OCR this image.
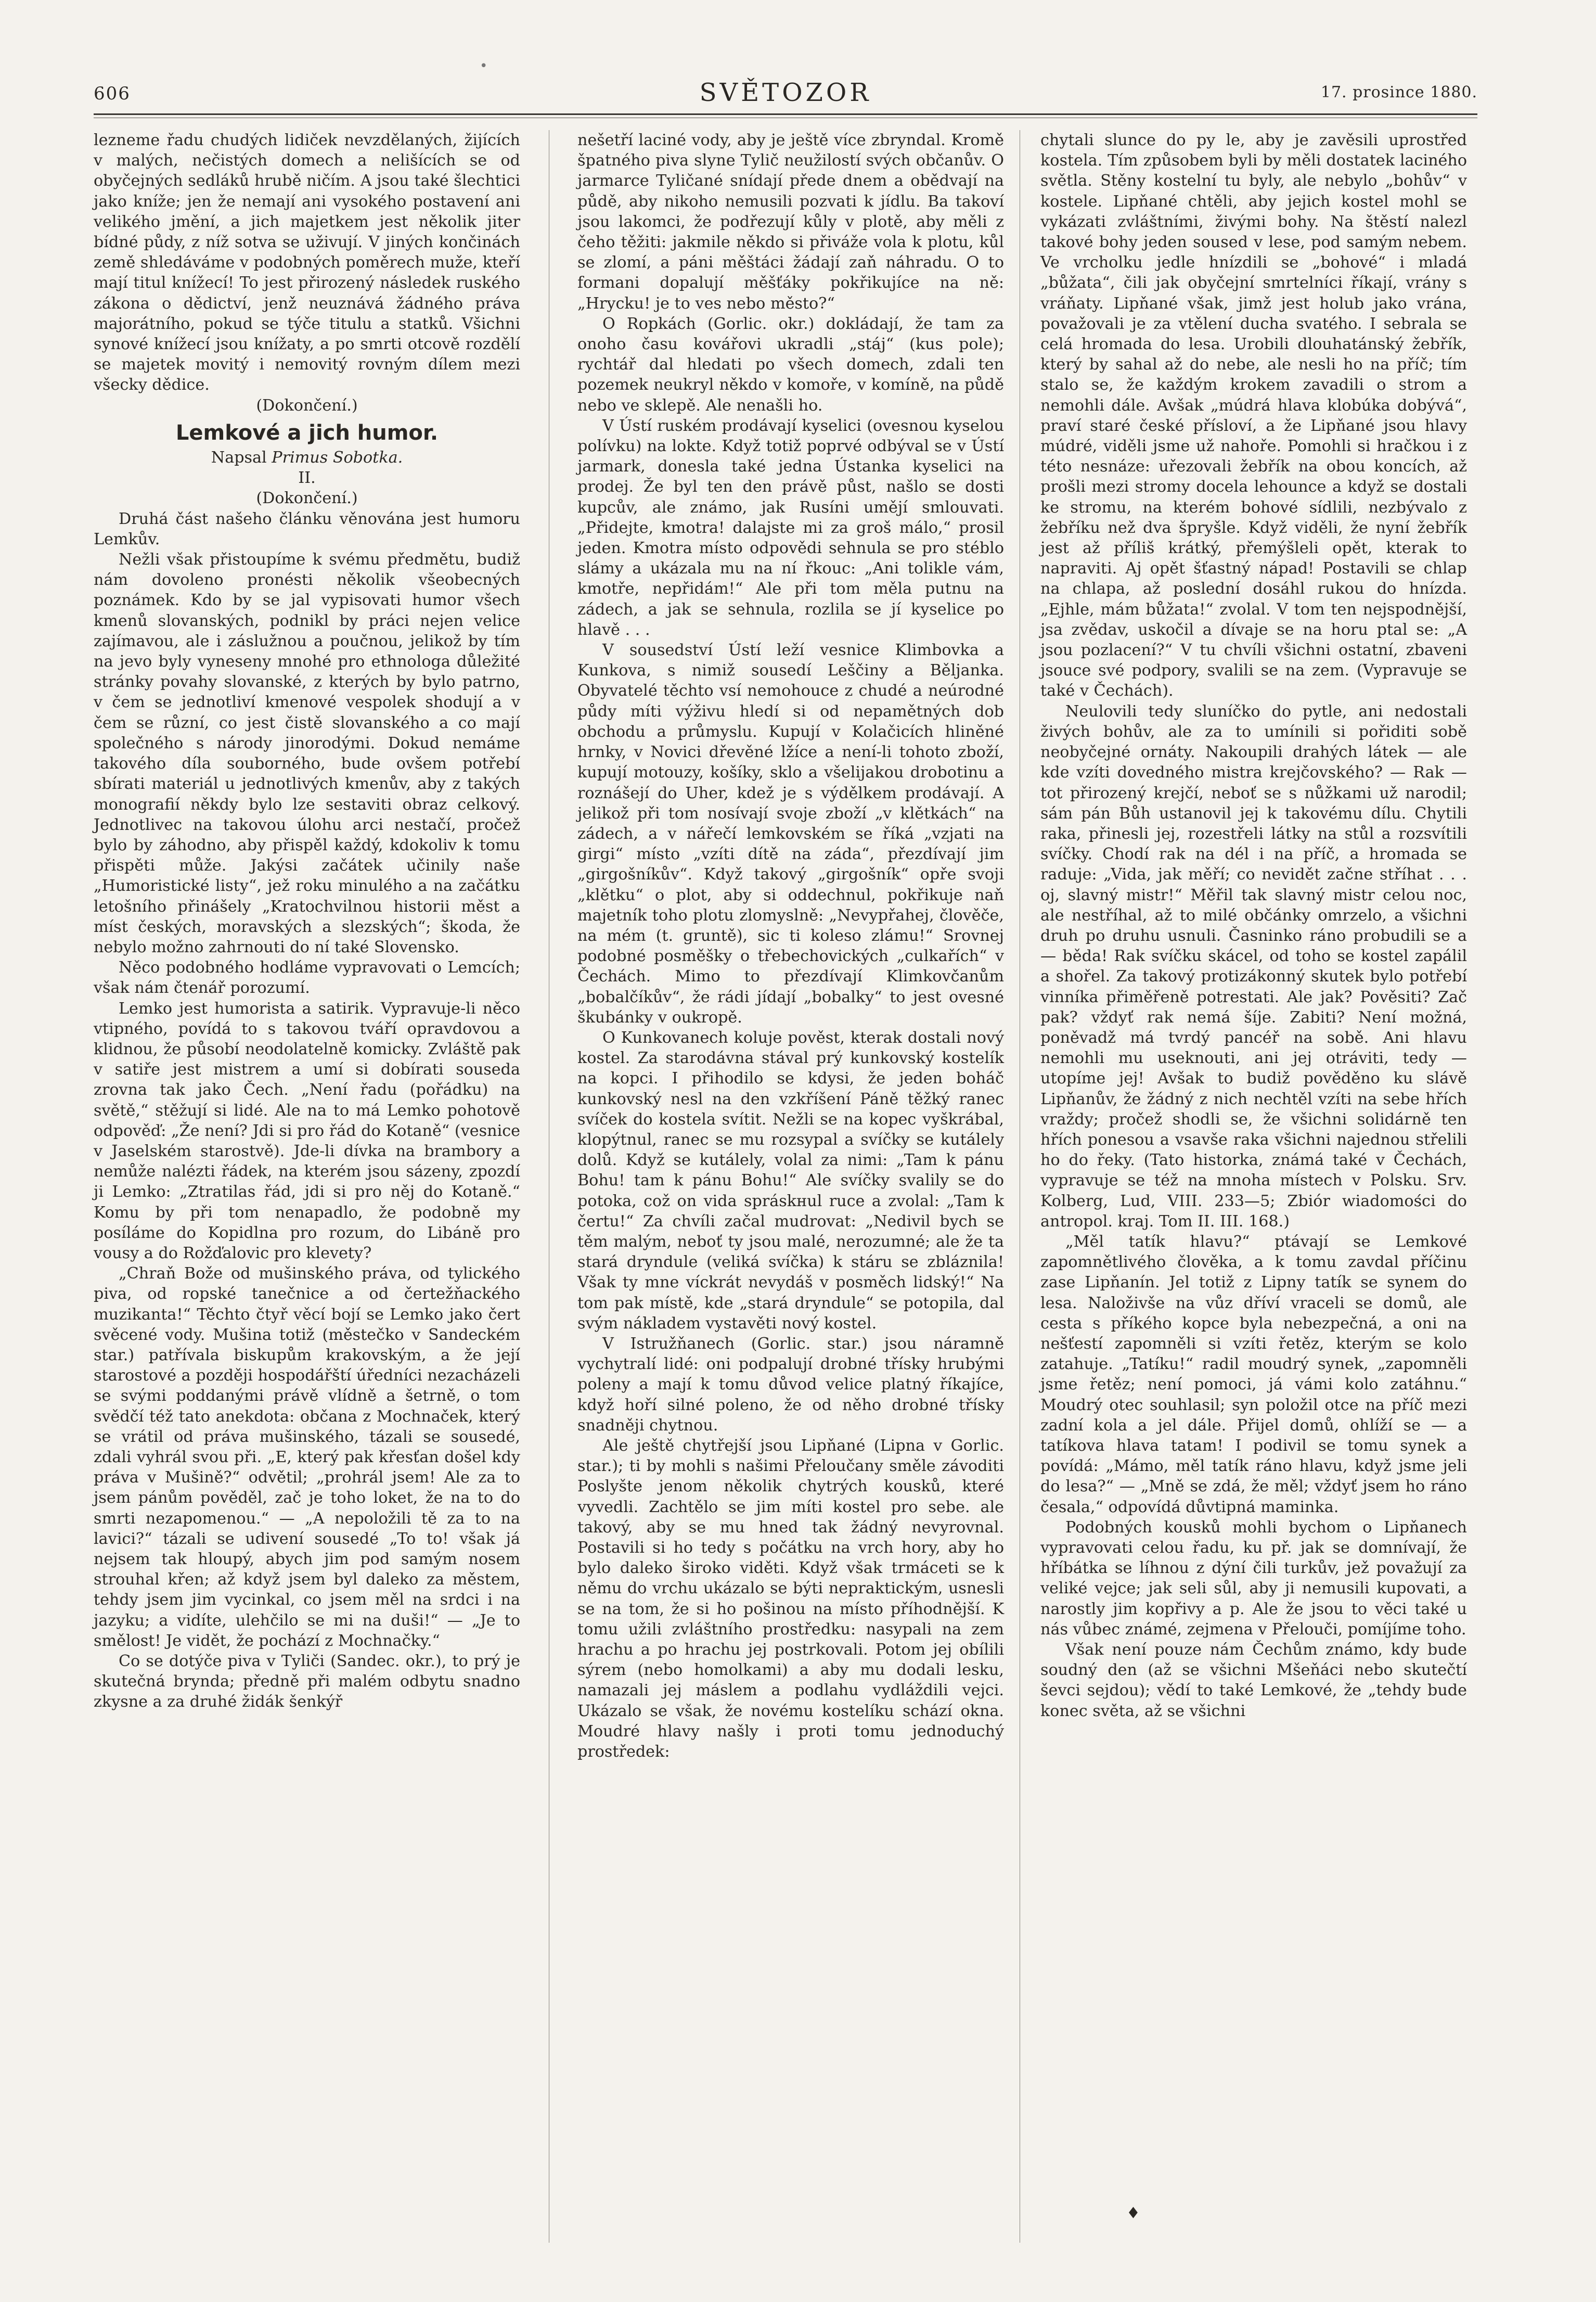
•
606	SVĚTOZOR	17. prosince 1880.

lezneme řadu chudých lidiček nevzdělaných, žijících v malých, nečistých domech a nelišících se od obyčejných sedláků hrubě ničím. A jsou také šlechtici jako kníže; jen že nemají ani vysokého postavení ani velikého jmění, a jich majetkem jest několik jiter bídné půdy, z níž sotva se uživují. V jiných končinách země shledáváme v podobných poměrech muže, kteří mají titul knížecí! To jest přirozený následek ruského zákona o dědictví, jenž neuznává žádného práva majorátního, pokud se týče titulu a statků. Všichni synové knížecí jsou knížaty, a po smrti otcově rozdělí se majetek movitý i nemovitý rovným dílem mezi všecky dědice.

(Dokončení.)

Lemkové a jich humor.

Napsal Primus Sobotka.

II.

(Dokončení.)

Druhá část našeho článku věnována jest humoru Lemkův.

Nežli však přistoupíme k svému předmětu, budiž nám dovoleno pronésti několik všeobecných poznámek. Kdo by se jal vypisovati humor všech kmenů slovanských, podnikl by práci nejen velice zajímavou, ale i záslužnou a poučnou, jelikož by tím na jevo byly vyneseny mnohé pro ethnologa důležité stránky povahy slovanské, z kterých by bylo patrno, v čem se jednotliví kmenové vespolek shodují a v čem se různí, co jest čistě slovanského a co mají společného s národy jinorodými. Dokud nemáme takového díla souborného, bude ovšem potřebí sbírati materiál u jednotlivých kmenův, aby z takých monografií někdy bylo lze sestaviti obraz celkový. Jednotlivec na takovou úlohu arci nestačí, pročež bylo by záhodno, aby přispěl každý, kdokoliv k tomu přispěti může. Jakýsi začátek učinily naše „Humoristické listy“, jež roku minulého a na začátku letošního přinášely „Kratochvilnou historii měst a míst českých, moravských a slezských“; škoda, že nebylo možno zahrnouti do ní také Slovensko.

Něco podobného hodláme vypravovati o Lemcích; však nám čtenář porozumí.

Lemko jest humorista a satirik. Vypravuje-li něco vtipného, povídá to s takovou tváří opravdovou a klidnou, že působí neodolatelně komicky. Zvláště pak v satiře jest mistrem a umí si dobírati souseda zrovna tak jako Čech. „Není řadu (pořádku) na světě,“ stěžují si lidé. Ale na to má Lemko pohotově odpověď: „Že není? Jdi si pro řád do Kotaně“ (vesnice v Jaselském starostvě). Jde-li dívka na brambory a nemůže nalézti řádek, na kterém jsou sázeny, zpozdí ji Lemko: „Ztratilas řád, jdi si pro něj do Kotaně.“ Komu by při tom nenapadlo, že podobně my posíláme do Kopidlna pro rozum, do Libáně pro vousy a do Rožďalovic pro klevety?

„Chraň Bože od mušinského práva, od tylického piva, od ropské tanečnice a od čertežňackého muzikanta!“ Těchto čtyř věcí bojí se Lemko jako čert svěcené vody. Mušina totiž (městečko v Sandeckém star.) patřívala biskupům krakovským, a že její starostové a později hospodářští úředníci nezacházeli se svými poddanými právě vlídně a šetrně, o tom svědčí též tato anekdota: občana z Mochnaček, který se vrátil od práva mušinského, tázali se sousedé, zdali vyhrál svou při. „E, který pak křesťan došel kdy práva v Mušině?“ odvětil; „prohrál jsem! Ale za to jsem pánům pověděl, zač je toho loket, že na to do smrti nezapomenou.“ — „A nepoložili tě za to na lavici?“ tázali se udivení sousedé „To to! však já nejsem tak hloupý, abych jim pod samým nosem strouhal křen; až když jsem byl daleko za městem, tehdy jsem jim vycinkal, co jsem měl na srdci i na jazyku; a vidíte, ulehčilo se mi na duši!“ — „Je to smělost! Je vidět, že pochází z Mochnačky.“

Co se dotýče piva v Tyliči (Sandec. okr.), to prý je skutečná bryndа; předně při malém odbytu snadno zkysne a za druhé židák šenkýř

nešetří laciné vody, aby je ještě více zbryndal. Kromě špatného piva slyne Tylič neužilostí svých občanův. O jarmarce Tyličané snídají přede dnem a obědvají na půdě, aby nikoho nemusili pozvati k jídlu. Ba takoví jsou lakomci, že podřezují kůly v plotě, aby měli z čeho těžiti: jakmile někdo si přiváže vola k plotu, kůl se zlomí, a páni měštáci žádají zaň náhradu. O to formani dopalují měšťáky pokřikujíce na ně: „Hrycku! je to ves nebo město?“

O Ropkách (Gorlic. okr.) dokládají, že tam za onoho času kovářovi ukradli „stáj“ (kus pole); rychtář dal hledati po všech domech, zdali ten pozemek neukryl někdo v komoře, v komíně, na půdě nebo ve sklepě. Ale nenašli ho.

V Ústí ruském prodávají kyselici (ovesnou kyselou polívku) na lokte. Když totiž poprvé odbýval se v Ústí jarmark, donesla také jedna Ústanka kyselici na prodej. Že byl ten den právě půst, našlo se dosti kupcův, ale známo, jak Rusíni umějí smlouvati. „Přidejte, kmotra! dalajste mi za groš málo,“ prosil jeden. Kmotra místo odpovědi sehnula se pro stéblo slámy a ukázala mu na ní řkouc: „Ani toliklе vám, kmotře, nepřidám!“ Ale při tom měla putnu na zádech, a jak se sehnula, rozlila se jí kyselice po hlavě . . .

V sousedství Ústí leží vesnice Klimbovka a Kunkova, s nimiž sousedí Leščiny a Bělјanka. Obyvatelé těchto vsí nemohouce z chudé a neúrodné půdy míti výživu hledí si od nepamětných dob obchodu a průmyslu. Kupují v Kolačicích hliněné hrnky, v Novici dřevěné lžíce a není-li tohoto zboží, kupují motouzy, košíky, sklo a všelijakou drobotinu a roznášejí do Uher, kdež je s výdělkem prodávají. A jelikož při tom nosívají svoje zboží „v klětkách“ na zádech, a v nářečí lemkovském se říká „vzjati na girgi“ místo „vzíti dítě na záda“, přezdívají jim „girgošníkův“. Když takový „girgošník“ opře svoji „klětku“ o plot, aby si oddechnul, pokřikuje naň majetník toho plotu zlomyslně: „Nevypřahej, člověče, na mém (t. gruntě), sic ti koleso zlámu!“ Srovnej podobné posměšky o třebechovických „culkařích“ v Čechách. Mimo to přezdívají Klimkovčanům „bobalčíkův“, že rádi jídají „bobalky“ to jest ovesné škubánky v oukropě.

O Kunkovanech koluje pověst, kterak dostali nový kostel. Za starodávna stával prý kunkovský kostelík na kopci. I přihodilo se kdysi, že jeden boháč kunkovský nesl na den vzkříšení Páně těžký raneс svíček do kostela svítit. Nežli se na kopec vyškrábal, klopýtnul, raneс se mu rozsypal a svíčky se kutálely dolů. Když se kutálely, volal za nimi: „Tam k pánu Bohu! tam k pánu Bohu!“ Ale svíčky svalily se do potoka, což on vida spráskнul ruce a zvolal: „Tam k čertu!“ Za chvíli začal mudrovat: „Nedivil bych se těm malým, neboť ty jsou malé, nerozumné; ale že ta stará dryndule (veliká svíčka) k stáru se zbláznila! Však ty mne víckrát nevydáš v posměch lidský!“ Na tom pak místě, kde „stará dryndule“ se potopila, dal svým nákladem vystavěti nový kostel.

V Istružňanech (Gorlic. star.) jsou náramně vychytralí lidé: oni podpalují drobné třísky hrubými poleny a mají k tomu důvod velice platný říkajíce, když hoří silné poleno, že od něho drobné třísky snadněji chytnou.

Ale ještě chytřejší jsou Lipňané (Lipna v Gorlic. star.); ti by mohli s našimi Přelоučany směle závoditi Poslyšte jenom několik chytrých kousků, které vyvedli. Zachtělo se jim míti kostel pro sebe. ale takový, aby se mu hned tak žádný nevyrovnal. Postavili si ho tedy s počátku na vrch hory, aby ho bylo daleko široko viděti. Když však trmácetі se k němu do vrchu ukázalo se býti nepraktickým, usnesli se na tom, že si ho pošinou na místo příhodnější. K tomu užili zvláštního prostředku: nasypali na zem hrachu a po hrachu jej postrkovali. Potom jej obílili sýrem (nebo homolkami) a aby mu dodali lesku, namazali jej máslem a podlahu vydláždili vejci. Ukázalo se však, že novému kostelíku schází okna. Moudré hlavy našly i proti tomu jednoduchý prostředek:

chytali slunce do py le, aby je zavěsili uprostřed kostela. Tím způsobem byli by měli dostatek laciného světla. Stěny kostelní tu byly, ale nebylo „bohův“ v kostele. Lipňané chtěli, aby jejich kostel mohl se vykázati zvláštními, živými bohy. Na štěstí nalezl takové bohy jeden soused v lese, pod samým nebem. Ve vrcholku jedle hnízdili se „bohové“ i mladá „bůžata“, čili jak obyčejní smrtelníci říkají, vrány s vráňaty. Lipňané však, jimž jest holub jako vrána, považovali je za vtělení ducha svatého. I sebrala se celá hromada do lesa. Urobili dlouhatánský žebřík, který by sahal až do nebe, ale nesli ho na příč; tím stalo se, že každým krokem zavadili o strom a nemohli dále. Avšak „múdrá hlava klobúka dobývá“, praví staré české přísloví, a že Lipňané jsou hlavy múdré, viděli jsme už nahoře. Pomohli si hračkou i z této nesnáze: uřezovali žebřík na obou koncích, až prošli mezi stromy docela lehounce a když se dostali ke stromu, na kterém bohové sídlili, nezbývalo z žebříku než dva špryšle. Když viděli, že nyní žebřík jest až příliš krátký, přemýšleli opět, kterak to napraviti. Aj opět šťastný nápad! Postavili se chlap na chlapa, až poslední dosáhl rukou do hnízda. „Ejhle, mám bůžata!“ zvolal. V tom ten nejspodnější, jsa zvědav, uskočil a dívaje se na horu ptal se: „A jsou pozlacení?“ V tu chvíli všichni ostatní, zbaveni jsouce své podpory, svalili se na zem. (Vypravuje se také v Čechách).

Neulovili tedy sluníčko do pytle, ani nedostali živých bohův, ale za to umínili si pořiditi sobě neobyčejné ornáty. Nakoupili drahých látek — ale kde vzíti dovedného mistra krejčovského? — Rak — tot přirozený krejčí, neboť se s nůžkami už narodil; sám pán Bůh ustanovil jej k takovému dílu. Chytili raka, přinesli jej, rozestřeli látky na stůl a rozsvítili svíčky. Chodí rak na dél i na příč, a hromada se raduje: „Vida, jak měří; co nevidět začne stříhat . . . oj, slavný mistr!“ Měřil tak slavný mistr celou noc, ale nestříhal, až to milé občánky omrzelo, a všichni druh po druhu usnuli. Časninko ráno probudili se a — běda! Rak svíčku skácel, od toho se kostel zapálil a shořel. Za takový protizákonný skutek bylo potřebí vinníka přiměřeně potrestati. Ale jak? Pověsiti? Zač pak? vždyť rak nemá šíje. Zabiti? Není možná, poněvadž má tvrdý pancéř na sobě. Ani hlavu nemohli mu useknouti, ani jej otráviti, tedy — utopíme jej! Avšak to budiž pověděno ku slávě Lipňanův, že žádný z nich nechtěl vzíti na sebe hřích vraždy; pročež shodli se, že všichni solidárně ten hřích ponesou a vsavše raka všichni najednou střelili ho do řeky. (Tato historka, známá také v Čechách, vypravuje se též na mnoha místech v Polsku. Srv. Kolberg, Lud, VIII. 233—5; Zbiór wiadomości do antropol. kraj. Tom II. III. 168.)

„Měl tatík hlavu?“ ptávají se Lemkové zapomnětlivého člověka, a k tomu zavdal příčinu zase Lipňanín. Jel totiž z Lipny tatík se synem do lesa. Naloživše na vůz dříví vraceli se domů, ale cesta s příkého kopce byla nebezpečná, a oni na nešťestí zapomněli si vzíti řetěz, kterým se kolo zatahuje. „Tatíku!“ radil moudrý synek, „zapomněli jsme řetěz; není pomoci, já vámi kolo zatáhnu.“ Moudrý otec souhlasil; syn položil otce na příč mezi zadní kola a jel dále. Přijel domů, ohlíží se — a tatíkova hlava tatam! I podivil se tomu synek a povídá: „Mámo, měl tatík ráno hlavu, když jsme jeli do lesa?“ — „Mně se zdá, že měl; vždyť jsem ho ráno česala,“ odpovídá důvtipná maminka.

Podobných kousků mohli bychom o Lipňanech vypravovati celou řadu, ku př. jak se domnívají, že hříbátka se líhnou z dýní čili turkův, jež považují za veliké vejce; jak seli sůl, aby ji nemusili kupovati, a narostly jim kopřivy a p. Ale že jsou to věci také u nás vůbec známé, zejmena v Přelouči, pomíjíme toho.

Však není pouze nám Čechům známo, kdy bude soudný den (až se všichni Mšeňáci nebo skutečtí ševci sejdou); vědí to také Lemkové, že „tehdy bude konec světa, až se všichni

♦
